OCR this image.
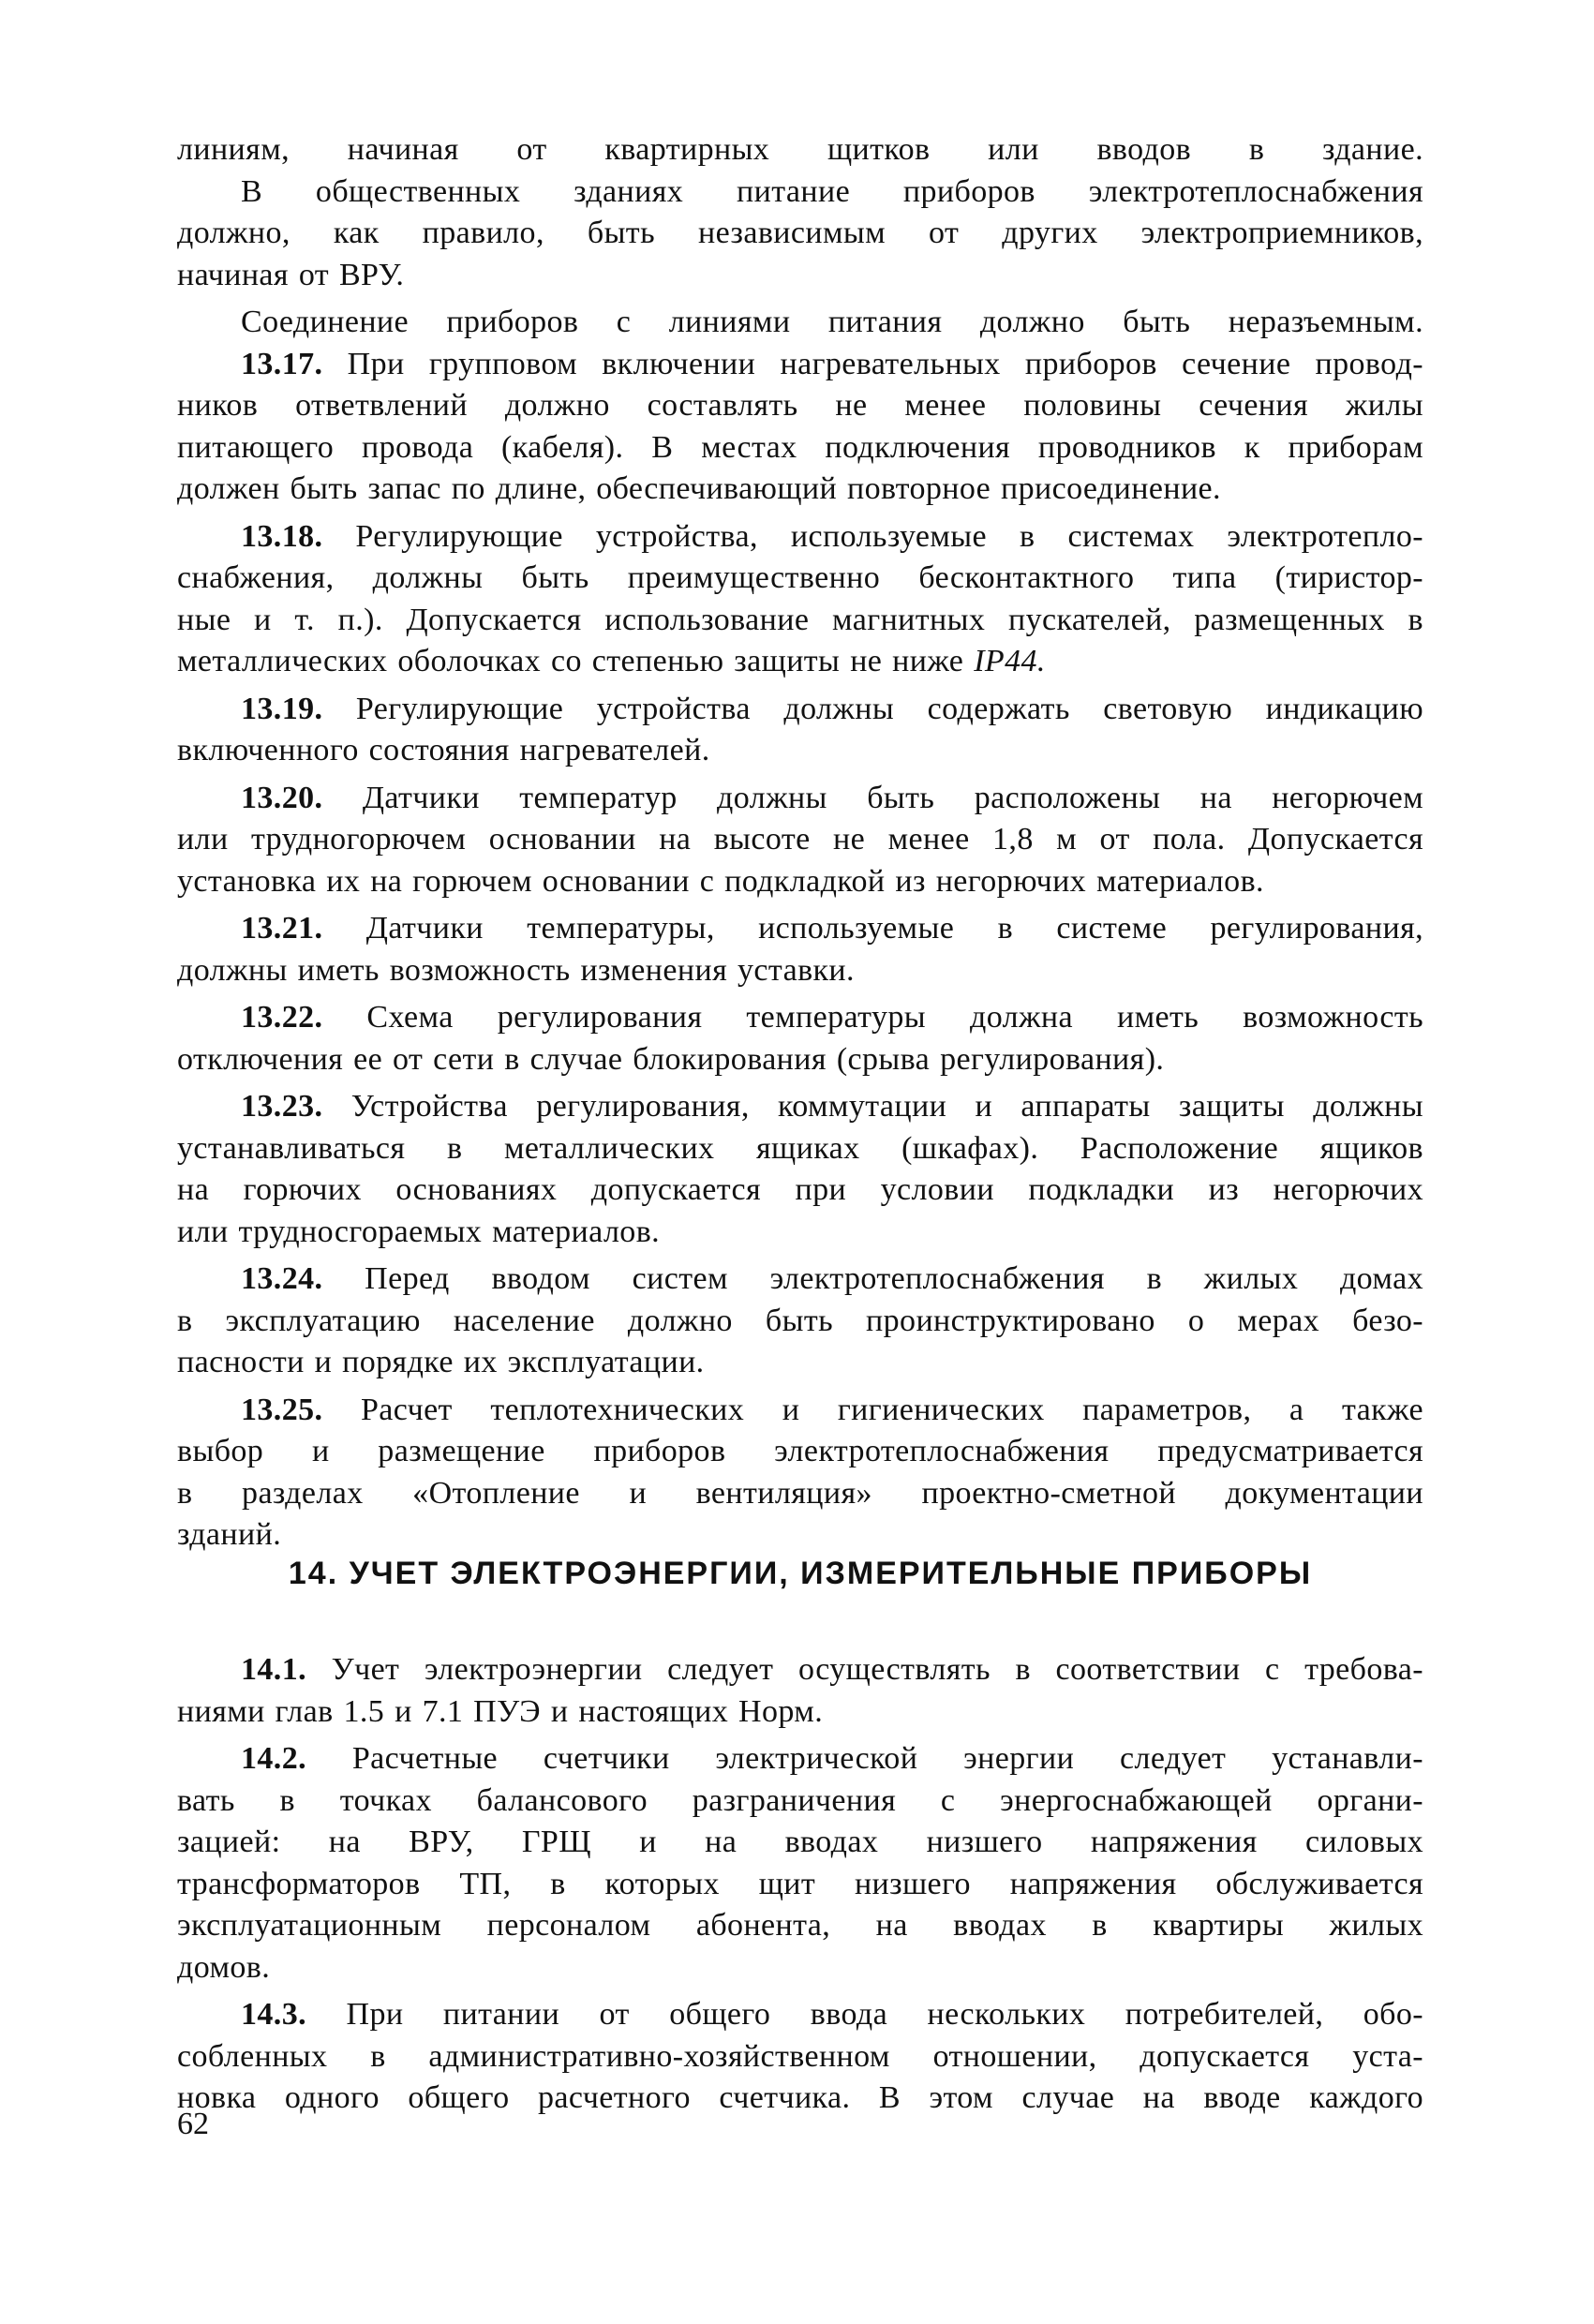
линиям, начиная от квартирных щитков или вводов в здание.

В общественных зданиях питание приборов электротеплоснабжения

должно, как правило, быть независимым от других электроприемников,

начиная от ВРУ.

Соединение приборов с линиями питания должно быть неразъемным.

13.17. При групповом включении нагревательных приборов сечение провод-

ников ответвлений должно составлять не менее половины сечения жилы

питающего провода (кабеля). В местах подключения проводников к приборам

должен быть запас по длине, обеспечивающий повторное присоединение.

13.18. Регулирующие устройства, используемые в системах электротепло-

снабжения, должны быть преимущественно бесконтактного типа (тиристор-

ные и т. п.). Допускается использование магнитных пускателей, размещенных в

металлических оболочках со степенью защиты не ниже IP44.

13.19. Регулирующие устройства должны содержать световую индикацию

включенного состояния нагревателей.

13.20. Датчики температур должны быть расположены на негорючем

или трудногорючем основании на высоте не менее 1,8 м от пола. Допускается

установка их на горючем основании с подкладкой из негорючих материалов.

13.21. Датчики температуры, используемые в системе регулирования,

должны иметь возможность изменения уставки.

13.22. Схема регулирования температуры должна иметь возможность

отключения ее от сети в случае блокирования (срыва регулирования).

13.23. Устройства регулирования, коммутации и аппараты защиты должны

устанавливаться в металлических ящиках (шкафах). Расположение ящиков

на горючих основаниях допускается при условии подкладки из негорючих

или трудносгораемых материалов.

13.24. Перед вводом систем электротеплоснабжения в жилых домах

в эксплуатацию население должно быть проинструктировано о мерах безо-

пасности и порядке их эксплуатации.

13.25. Расчет теплотехнических и гигиенических параметров, а также

выбор и размещение приборов электротеплоснабжения предусматривается

в разделах «Отопление и вентиляция» проектно-сметной документации

зданий.

14. УЧЕТ ЭЛЕКТРОЭНЕРГИИ, ИЗМЕРИТЕЛЬНЫЕ ПРИБОРЫ

14.1. Учет электроэнергии следует осуществлять в соответствии с требова-

ниями глав 1.5 и 7.1 ПУЭ и настоящих Норм.

14.2. Расчетные счетчики электрической энергии следует устанавли-

вать в точках балансового разграничения с энергоснабжающей органи-

зацией: на ВРУ, ГРЩ и на вводах низшего напряжения силовых

трансформаторов ТП, в которых щит низшего напряжения обслуживается

эксплуатационным персоналом абонента, на вводах в квартиры жилых

домов.

14.3. При питании от общего ввода нескольких потребителей, обо-

собленных в административно-хозяйственном отношении, допускается уста-

новка одного общего расчетного счетчика. В этом случае на вводе каждого

62
